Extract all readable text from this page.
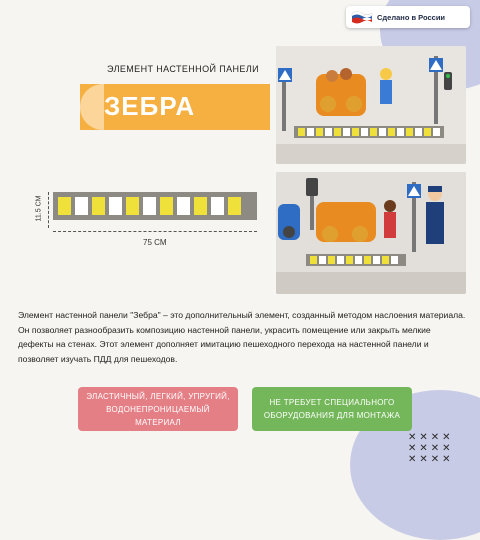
Сделано в России
ЭЛЕМЕНТ НАСТЕННОЙ ПАНЕЛИ
ЗЕБРА
11.5 CM
75 CM
Элемент настенной панели "Зебра" – это дополнительный элемент, созданный методом наслоения материала. Он позволяет разнообразить композицию настенной панели, украсить помещение или закрыть мелкие дефекты на стенах. Этот элемент дополняет имитацию пешеходного перехода на настенной панели и позволяет изучать ПДД для пешеходов.
ЭЛАСТИЧНЫЙ, ЛЕГКИЙ, УПРУГИЙ, ВОДОНЕПРОНИЦАЕМЫЙ МАТЕРИАЛ
НЕ ТРЕБУЕТ СПЕЦИАЛЬНОГО ОБОРУДОВАНИЯ ДЛЯ МОНТАЖА
✕✕✕✕
✕✕✕✕
✕✕✕✕
